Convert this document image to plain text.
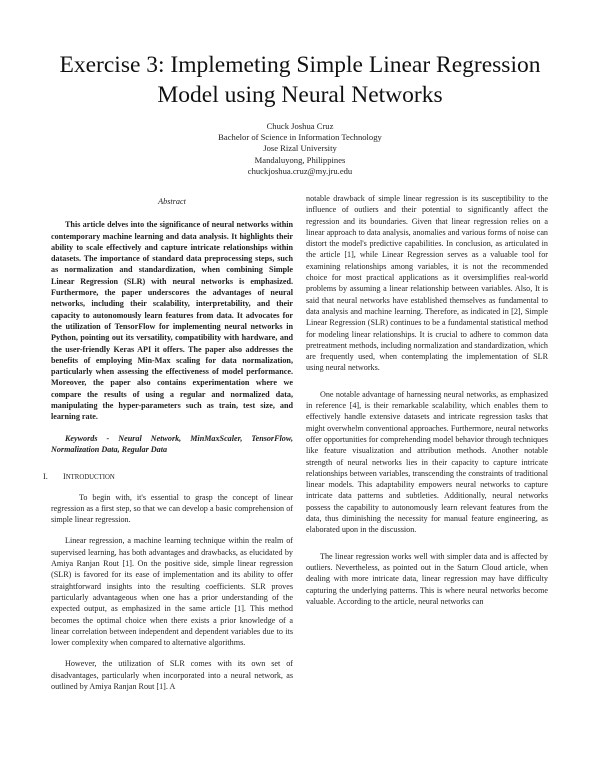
Exercise 3: Implemeting Simple Linear Regression
Model using Neural Networks
Chuck Joshua Cruz
Bachelor of Science in Information Technology
Jose Rizal University
Mandaluyong, Philippines
chuckjoshua.cruz@my.jru.edu

Abstract

This article delves into the significance of neural networks within contemporary machine learning and data analysis. It highlights their ability to scale effectively and capture intricate relationships within datasets. The importance of standard data preprocessing steps, such as normalization and standardization, when combining Simple Linear Regression (SLR) with neural networks is emphasized. Furthermore, the paper underscores the advantages of neural networks, including their scalability, interpretability, and their capacity to autonomously learn features from data. It advocates for the utilization of TensorFlow for implementing neural networks in Python, pointing out its versatility, compatibility with hardware, and the user-friendly Keras API it offers. The paper also addresses the benefits of employing Min-Max scaling for data normalization, particularly when assessing the effectiveness of model performance. Moreover, the paper also contains experimentation where we compare the results of using a regular and normalized data, manipulating the hyper-parameters such as train, test size, and learning rate.

Keywords - Neural Network, MinMaxScaler, TensorFlow, Normalization Data, Regular Data

I. INTRODUCTION

To begin with, it's essential to grasp the concept of linear regression as a first step, so that we can develop a basic comprehension of simple linear regression.

Linear regression, a machine learning technique within the realm of supervised learning, has both advantages and drawbacks, as elucidated by Amiya Ranjan Rout [1]. On the positive side, simple linear regression (SLR) is favored for its ease of implementation and its ability to offer straightforward insights into the resulting coefficients. SLR proves particularly advantageous when one has a prior understanding of the expected output, as emphasized in the same article [1]. This method becomes the optimal choice when there exists a prior knowledge of a linear correlation between independent and dependent variables due to its lower complexity when compared to alternative algorithms.

However, the utilization of SLR comes with its own set of disadvantages, particularly when incorporated into a neural network, as outlined by Amiya Ranjan Rout [1]. A

notable drawback of simple linear regression is its susceptibility to the influence of outliers and their potential to significantly affect the regression and its boundaries. Given that linear regression relies on a linear approach to data analysis, anomalies and various forms of noise can distort the model's predictive capabilities. In conclusion, as articulated in the article [1], while Linear Regression serves as a valuable tool for examining relationships among variables, it is not the recommended choice for most practical applications as it oversimplifies real-world problems by assuming a linear relationship between variables. Also, It is said that neural networks have established themselves as fundamental to data analysis and machine learning. Therefore, as indicated in [2], Simple Linear Regression (SLR) continues to be a fundamental statistical method for modeling linear relationships. It is crucial to adhere to common data pretreatment methods, including normalization and standardization, which are frequently used, when contemplating the implementation of SLR using neural networks.

One notable advantage of harnessing neural networks, as emphasized in reference [4], is their remarkable scalability, which enables them to effectively handle extensive datasets and intricate regression tasks that might overwhelm conventional approaches. Furthermore, neural networks offer opportunities for comprehending model behavior through techniques like feature visualization and attribution methods. Another notable strength of neural networks lies in their capacity to capture intricate relationships between variables, transcending the constraints of traditional linear models. This adaptability empowers neural networks to capture intricate data patterns and subtleties. Additionally, neural networks possess the capability to autonomously learn relevant features from the data, thus diminishing the necessity for manual feature engineering, as elaborated upon in the discussion.

The linear regression works well with simpler data and is affected by outliers. Nevertheless, as pointed out in the Saturn Cloud article, when dealing with more intricate data, linear regression may have difficulty capturing the underlying patterns. This is where neural networks become valuable. According to the article, neural networks can
